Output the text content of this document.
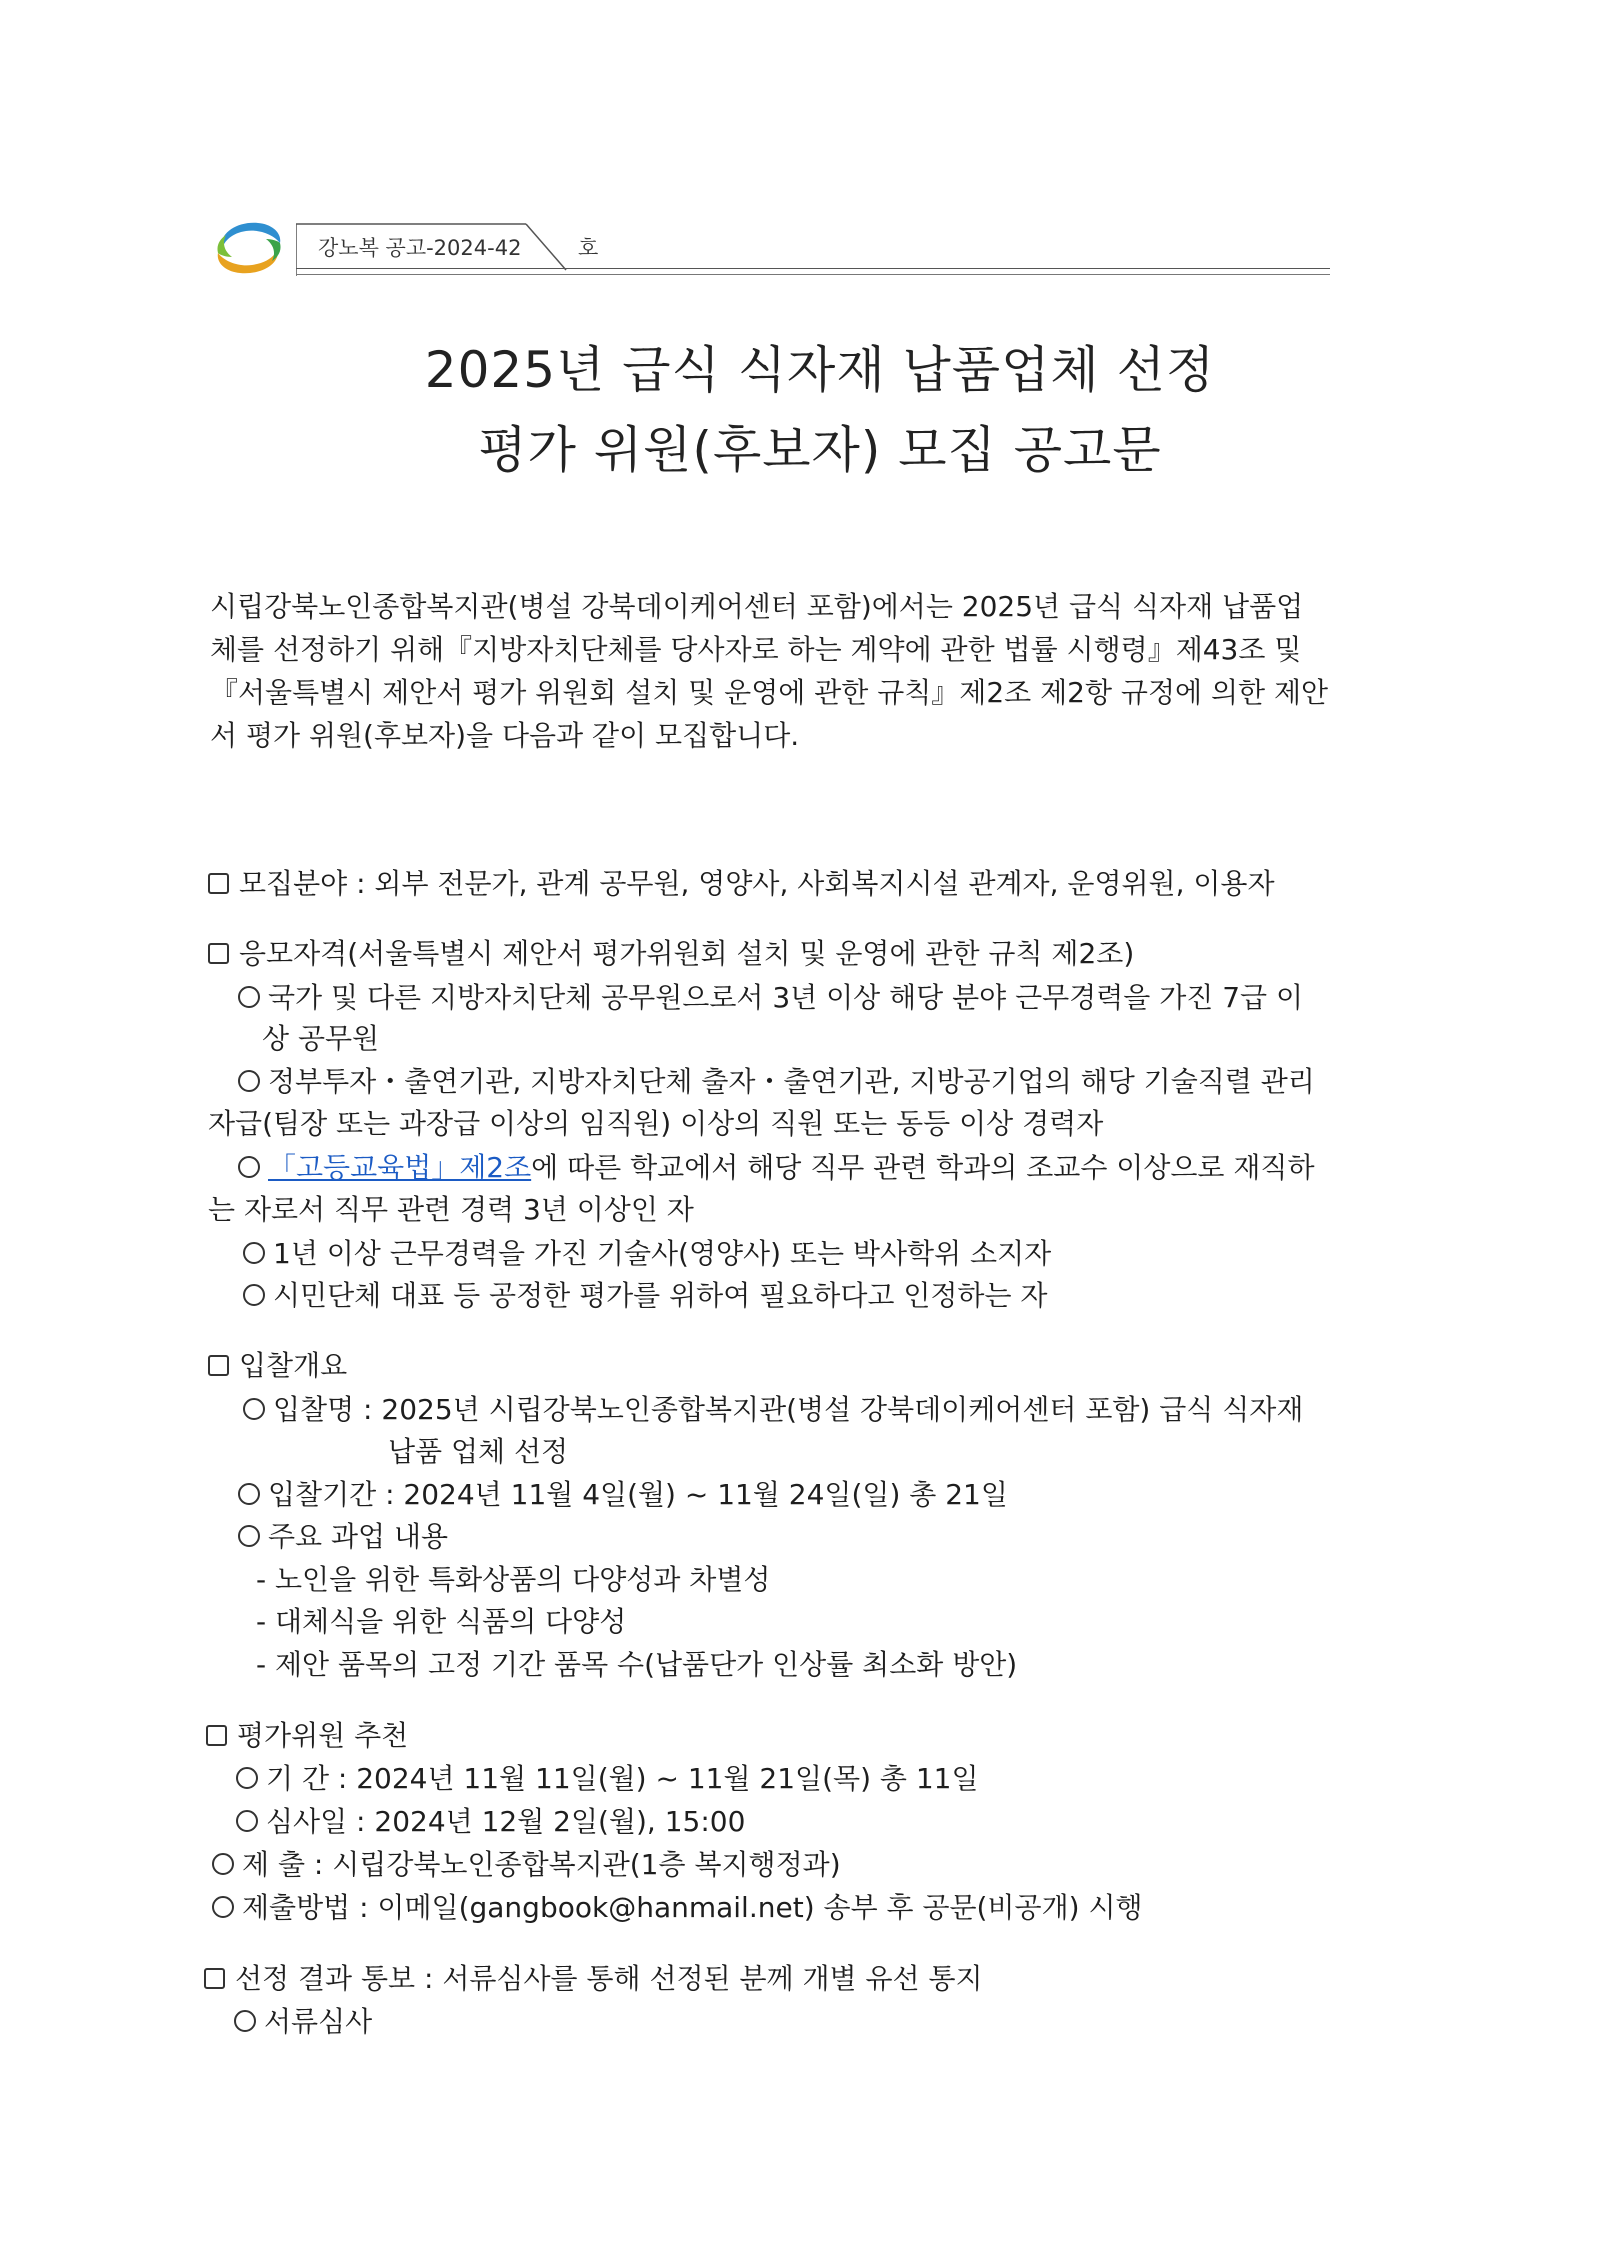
강노복 공고-2024-42	호
2025년 급식 식자재 납품업체 선정
평가 위원(후보자) 모집 공고문
시립강북노인종합복지관(병설 강북데이케어센터 포함)에서는 2025년 급식 식자재 납품업
체를 선정하기 위해『지방자치단체를 당사자로 하는 계약에 관한 법률 시행령』제43조 및
『서울특별시 제안서 평가 위원회 설치 및 운영에 관한 규칙』제2조 제2항 규정에 의한 제안
서 평가 위원(후보자)을 다음과 같이 모집합니다.
모집분야 : 외부 전문가, 관계 공무원, 영양사, 사회복지시설 관계자, 운영위원, 이용자
응모자격(서울특별시 제안서 평가위원회 설치 및 운영에 관한 규칙 제2조)
국가 및 다른 지방자치단체 공무원으로서 3년 이상 해당 분야 근무경력을 가진 7급 이
상 공무원
정부투자・출연기관, 지방자치단체 출자・출연기관, 지방공기업의 해당 기술직렬 관리
자급(팀장 또는 과장급 이상의 임직원) 이상의 직원 또는 동등 이상 경력자
「고등교육법」제2조에 따른 학교에서 해당 직무 관련 학과의 조교수 이상으로 재직하
는 자로서 직무 관련 경력 3년 이상인 자
1년 이상 근무경력을 가진 기술사(영양사) 또는 박사학위 소지자
시민단체 대표 등 공정한 평가를 위하여 필요하다고 인정하는 자
입찰개요
입찰명 : 2025년 시립강북노인종합복지관(병설 강북데이케어센터 포함) 급식 식자재
납품 업체 선정
입찰기간 : 2024년 11월 4일(월) ~ 11월 24일(일) 총 21일
주요 과업 내용
- 노인을 위한 특화상품의 다양성과 차별성
- 대체식을 위한 식품의 다양성
- 제안 품목의 고정 기간 품목 수(납품단가 인상률 최소화 방안)
평가위원 추천
기 간 : 2024년 11월 11일(월) ~ 11월 21일(목) 총 11일
심사일 : 2024년 12월 2일(월), 15:00
제 출 : 시립강북노인종합복지관(1층 복지행정과)
제출방법 : 이메일(gangbook@hanmail.net) 송부 후 공문(비공개) 시행
선정 결과 통보 : 서류심사를 통해 선정된 분께 개별 유선 통지
서류심사
